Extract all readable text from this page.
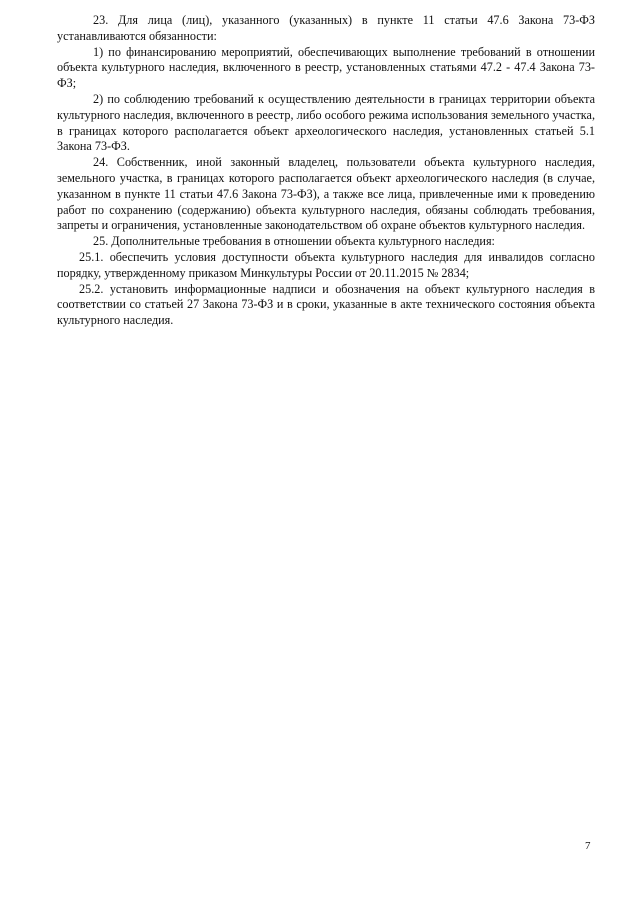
23. Для лица (лиц), указанного (указанных) в пункте 11 статьи 47.6 Закона 73-ФЗ устанавливаются обязанности:

1) по финансированию мероприятий, обеспечивающих выполнение требований в отношении объекта культурного наследия, включенного в реестр, установленных статьями 47.2 - 47.4 Закона 73-ФЗ;

2) по соблюдению требований к осуществлению деятельности в границах территории объекта культурного наследия, включенного в реестр, либо особого режима использования земельного участка, в границах которого располагается объект археологического наследия, установленных статьей 5.1 Закона 73-ФЗ.

24. Собственник, иной законный владелец, пользователи объекта культурного наследия, земельного участка, в границах которого располагается объект археологического наследия (в случае, указанном в пункте 11 статьи 47.6 Закона 73-ФЗ), а также все лица, привлеченные ими к проведению работ по сохранению (содержанию) объекта культурного наследия, обязаны соблюдать требования, запреты и ограничения, установленные законодательством об охране объектов культурного наследия.

25. Дополнительные требования в отношении объекта культурного наследия:

25.1. обеспечить условия доступности объекта культурного наследия для инвалидов согласно порядку, утвержденному приказом Минкультуры России от 20.11.2015 № 2834;

25.2. установить информационные надписи и обозначения на объект культурного наследия в соответствии со статьей 27 Закона 73-ФЗ и в сроки, указанные в акте технического состояния объекта культурного наследия.

7
